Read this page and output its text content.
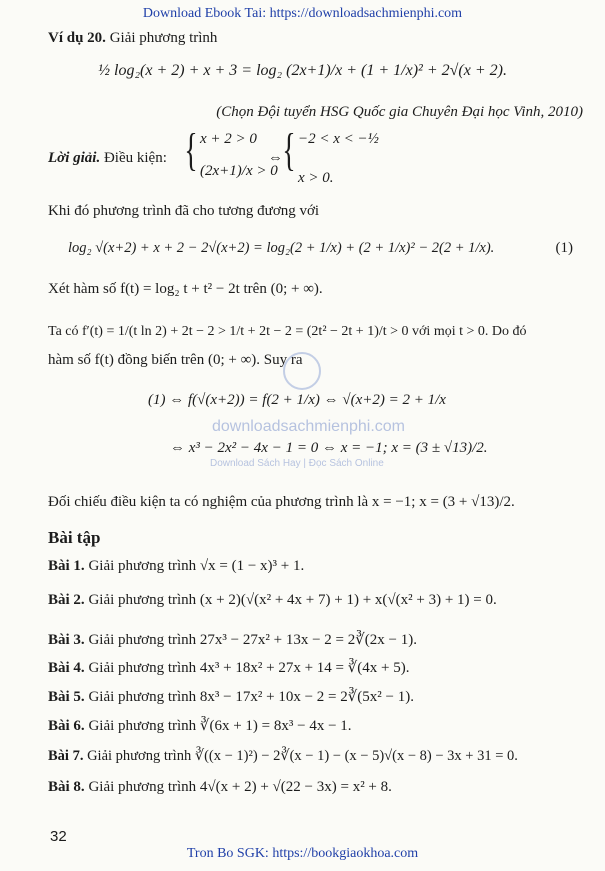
Download Ebook Tai: https://downloadsachmienphi.com
Ví dụ 20. Giải phương trình
½ log₂(x + 2) + x + 3 = log₂ (2x+1)/x + (1 + 1/x)² + 2√(x + 2).
(Chọn Đội tuyển HSG Quốc gia Chuyên Đại học Vinh, 2010)
Lời giải. Điều kiện: { x + 2 > 0
(2x+1)/x > 0
⇔ { −2 < x < −½
x > 0.
Khi đó phương trình đã cho tương đương với
log₂ √(x+2) + x + 2 − 2√(x+2) = log₂(2 + 1/x) + (2 + 1/x)² − 2(2 + 1/x).	(1)
Xét hàm số f(t) = log₂ t + t² − 2t trên (0; + ∞).
Ta có f′(t) = 1/(t ln 2) + 2t − 2 > 1/t + 2t − 2 = (2t² − 2t + 1)/t > 0 với mọi t > 0. Do đó
hàm số f(t) đồng biến trên (0; + ∞). Suy ra
(1) ⇔ f(√(x+2)) = f(2 + 1/x) ⇔ √(x+2) = 2 + 1/x
downloadsachmienphi.com
Download Sách Hay | Đọc Sách Online
⇔ x³ − 2x² − 4x − 1 = 0 ⇔ x = −1; x = (3 ± √13)/2.
Đối chiếu điều kiện ta có nghiệm của phương trình là x = −1; x = (3 + √13)/2.
Bài tập
Bài 1. Giải phương trình √x = (1 − x)³ + 1.
Bài 2. Giải phương trình (x + 2)(√(x² + 4x + 7) + 1) + x(√(x² + 3) + 1) = 0.
Bài 3. Giải phương trình 27x³ − 27x² + 13x − 2 = 2∛(2x − 1).
Bài 4. Giải phương trình 4x³ + 18x² + 27x + 14 = ∛(4x + 5).
Bài 5. Giải phương trình 8x³ − 17x² + 10x − 2 = 2∛(5x² − 1).
Bài 6. Giải phương trình ∛(6x + 1) = 8x³ − 4x − 1.
Bài 7. Giải phương trình ∛((x − 1)²) − 2∛(x − 1) − (x − 5)√(x − 8) − 3x + 31 = 0.
Bài 8. Giải phương trình 4√(x + 2) + √(22 − 3x) = x² + 8.
32
Tron Bo SGK: https://bookgiaokhoa.com
